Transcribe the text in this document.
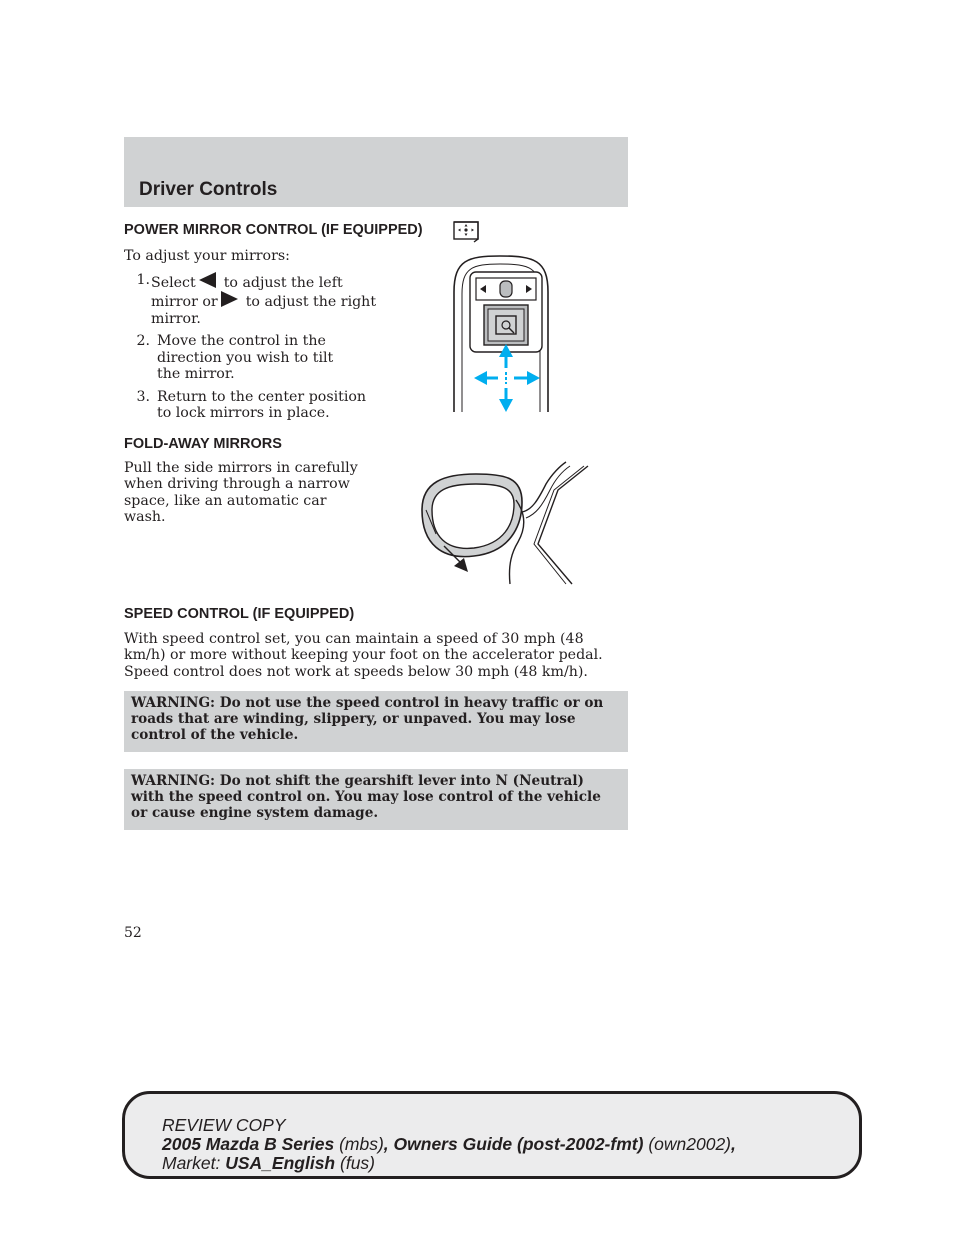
Driver Controls
POWER MIRROR CONTROL (IF EQUIPPED)
To adjust your mirrors:
1. Select to adjust the left
mirror or to adjust the right
mirror.
2. Move the control in the direction you wish to tilt the mirror.
3. Return to the center position to lock mirrors in place.
FOLD-AWAY MIRRORS
Pull the side mirrors in carefully when driving through a narrow space, like an automatic car wash.
SPEED CONTROL (IF EQUIPPED)
With speed control set, you can maintain a speed of 30 mph (48 km/h) or more without keeping your foot on the accelerator pedal. Speed control does not work at speeds below 30 mph (48 km/h).
WARNING: Do not use the speed control in heavy traffic or on roads that are winding, slippery, or unpaved. You may lose control of the vehicle.
WARNING: Do not shift the gearshift lever into N (Neutral) with the speed control on. You may lose control of the vehicle or cause engine system damage.
52
REVIEW COPY
2005 Mazda B Series (mbs), Owners Guide (post-2002-fmt) (own2002),
Market: USA_English (fus)
